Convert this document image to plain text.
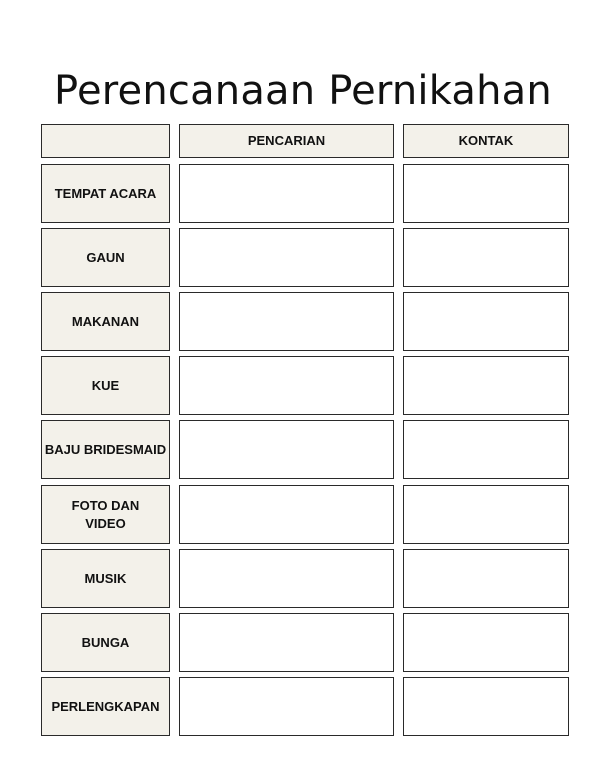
Perencanaan Pernikahan
PENCARIAN	KONTAK
TEMPAT ACARA
GAUN
MAKANAN
KUE
BAJU BRIDESMAID
FOTO DAN VIDEO
MUSIK
BUNGA
PERLENGKAPAN
